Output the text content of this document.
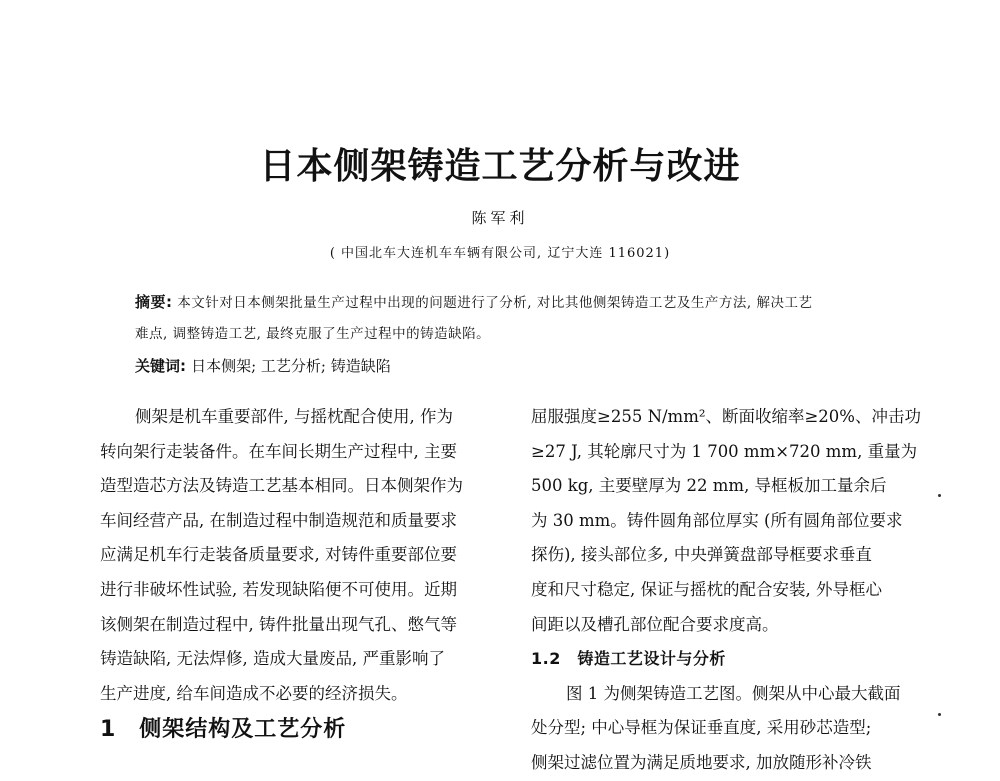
日本侧架铸造工艺分析与改进
陈军利
( 中国北车大连机车车辆有限公司, 辽宁大连 116021)
摘要: 本文针对日本侧架批量生产过程中出现的问题进行了分析, 对比其他侧架铸造工艺及生产方法, 解决工艺
难点, 调整铸造工艺, 最终克服了生产过程中的铸造缺陷。
关键词: 日本侧架; 工艺分析; 铸造缺陷
侧架是机车重要部件, 与摇枕配合使用, 作为
转向架行走装备件。在车间长期生产过程中, 主要
造型造芯方法及铸造工艺基本相同。日本侧架作为
车间经营产品, 在制造过程中制造规范和质量要求
应满足机车行走装备质量要求, 对铸件重要部位要
进行非破坏性试验, 若发现缺陷便不可使用。近期
该侧架在制造过程中, 铸件批量出现气孔、憋气等
铸造缺陷, 无法焊修, 造成大量废品, 严重影响了
生产进度, 给车间造成不必要的经济损失。
1　侧架结构及工艺分析
屈服强度≥255 N/mm²、断面收缩率≥20%、冲击功
≥27 J, 其轮廓尺寸为 1 700 mm×720 mm, 重量为
500 kg, 主要壁厚为 22 mm, 导框板加工量余后
为 30 mm。铸件圆角部位厚实 (所有圆角部位要求
探伤), 接头部位多, 中央弹簧盘部导框要求垂直
度和尺寸稳定, 保证与摇枕的配合安装, 外导框心
间距以及槽孔部位配合要求度高。
1.2　铸造工艺设计与分析
图 1 为侧架铸造工艺图。侧架从中心最大截面
处分型; 中心导框为保证垂直度, 采用砂芯造型;
侧架过滤位置为满足质地要求, 加放随形补冷铁
